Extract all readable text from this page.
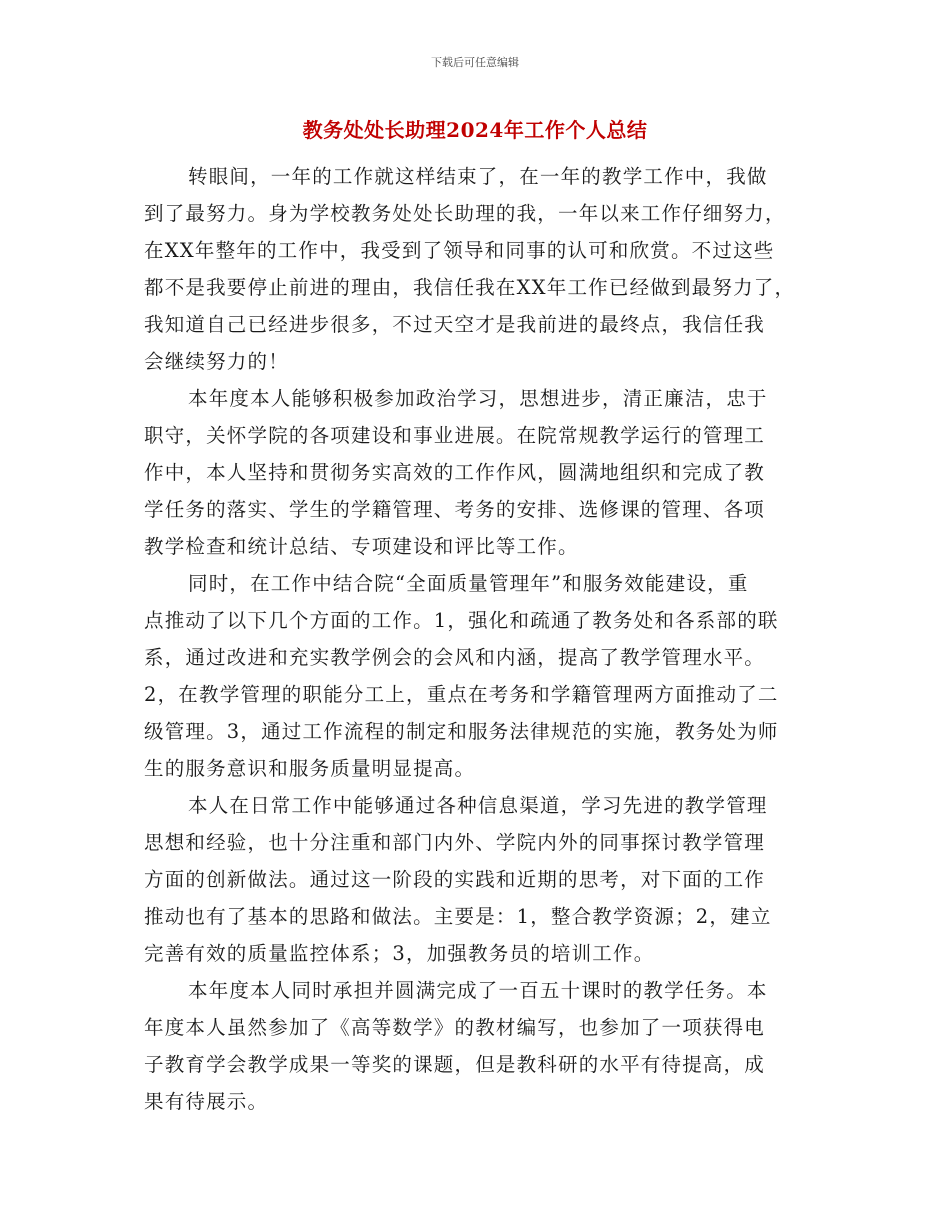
下载后可任意编辑
教务处处长助理2024年工作个人总结

转眼间，一年的工作就这样结束了，在一年的教学工作中，我做
到了最努力。身为学校教务处处长助理的我，一年以来工作仔细努力，
在XX年整年的工作中，我受到了领导和同事的认可和欣赏。不过这些
都不是我要停止前进的理由，我信任我在XX年工作已经做到最努力了，
我知道自己已经进步很多，不过天空才是我前进的最终点，我信任我
会继续努力的！

本年度本人能够积极参加政治学习，思想进步，清正廉洁，忠于
职守，关怀学院的各项建设和事业进展。在院常规教学运行的管理工
作中，本人坚持和贯彻务实高效的工作作风，圆满地组织和完成了教
学任务的落实、学生的学籍管理、考务的安排、选修课的管理、各项
教学检查和统计总结、专项建设和评比等工作。

同时，在工作中结合院“全面质量管理年”和服务效能建设，重
点推动了以下几个方面的工作。1，强化和疏通了教务处和各系部的联
系，通过改进和充实教学例会的会风和内涵，提高了教学管理水平。
2，在教学管理的职能分工上，重点在考务和学籍管理两方面推动了二
级管理。3，通过工作流程的制定和服务法律规范的实施，教务处为师
生的服务意识和服务质量明显提高。

本人在日常工作中能够通过各种信息渠道，学习先进的教学管理
思想和经验，也十分注重和部门内外、学院内外的同事探讨教学管理
方面的创新做法。通过这一阶段的实践和近期的思考，对下面的工作
推动也有了基本的思路和做法。主要是：1，整合教学资源；2，建立
完善有效的质量监控体系；3，加强教务员的培训工作。

本年度本人同时承担并圆满完成了一百五十课时的教学任务。本
年度本人虽然参加了《高等数学》的教材编写，也参加了一项获得电
子教育学会教学成果一等奖的课题，但是教科研的水平有待提高，成
果有待展示。
